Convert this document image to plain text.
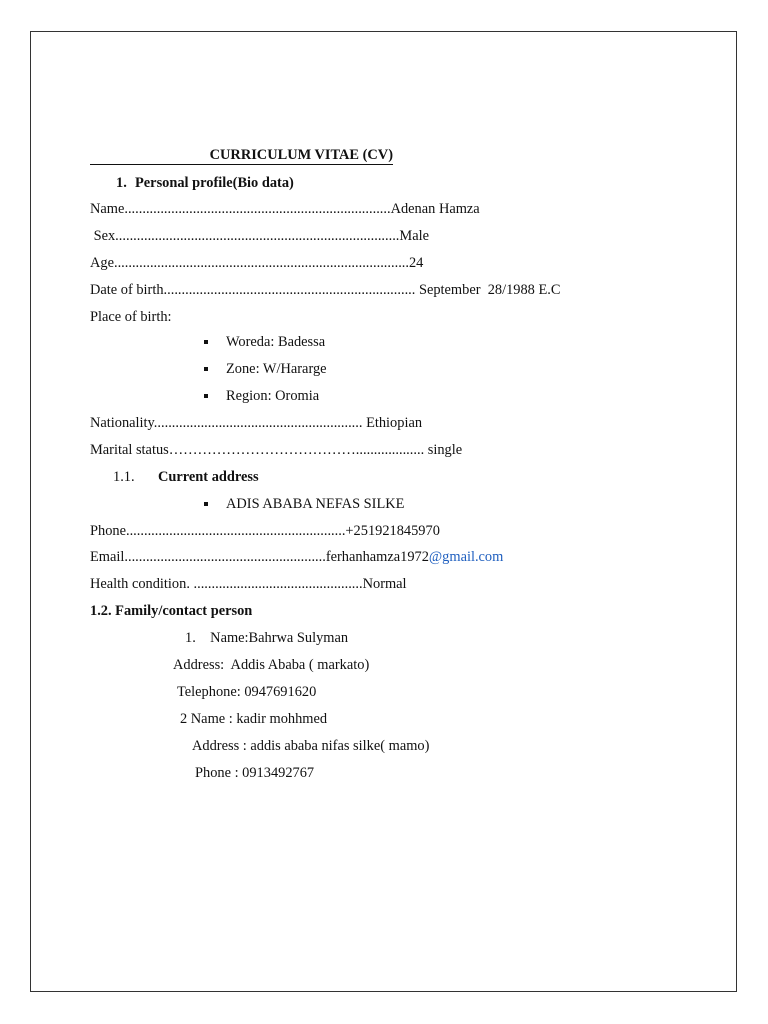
CURRICULUM VITAE (CV)
1. Personal profile(Bio data)
Name..........................................................................Adenan Hamza
Sex...............................................................................Male
Age..................................................................................24
Date of birth...................................................................... September  28/1988 E.C
Place of birth:
Woreda: Badessa
Zone: W/Hararge
Region: Oromia
Nationality.......................................................... Ethiopian
Marital status…………………………………................... single
1.1. Current address
ADIS ABABA NEFAS SILKE
Phone.............................................................+251921845970
Email........................................................ferhanhamza1972@gmail.com
Health condition. ...............................................Normal
1.2. Family/contact person
1.    Name:Bahrwa Sulyman
Address:  Addis Ababa ( markato)
Telephone: 0947691620
2 Name : kadir mohhmed
Address : addis ababa nifas silke( mamo)
Phone : 0913492767
